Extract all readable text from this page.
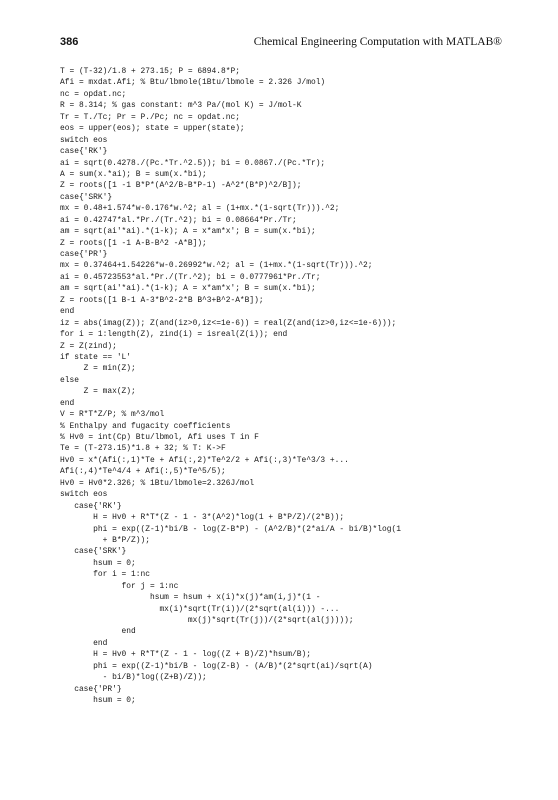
386	Chemical Engineering Computation with MATLAB®
T = (T-32)/1.8 + 273.15; P = 6894.8*P;
Afi = mxdat.Afi; % Btu/lbmole(1Btu/lbmole = 2.326 J/mol)
nc = opdat.nc;
R = 8.314; % gas constant: m^3 Pa/(mol K) = J/mol-K
Tr = T./Tc; Pr = P./Pc; nc = opdat.nc;
eos = upper(eos); state = upper(state);
switch eos
case{'RK'}
ai = sqrt(0.4278./(Pc.*Tr.^2.5)); bi = 0.0867./(Pc.*Tr);
A = sum(x.*ai); B = sum(x.*bi);
Z = roots([1 -1 B*P*(A^2/B-B*P-1) -A^2*(B*P)^2/B]);
case{'SRK'}
mx = 0.48+1.574*w-0.176*w.^2; al = (1+mx.*(1-sqrt(Tr))).^2;
ai = 0.42747*al.*Pr./(Tr.^2); bi = 0.08664*Pr./Tr;
am = sqrt(ai'*ai).*(1-k); A = x*am*x'; B = sum(x.*bi);
Z = roots([1 -1 A-B-B^2 -A*B]);
case{'PR'}
mx = 0.37464+1.54226*w-0.26992*w.^2; al = (1+mx.*(1-sqrt(Tr))).^2;
ai = 0.45723553*al.*Pr./(Tr.^2); bi = 0.0777961*Pr./Tr;
am = sqrt(ai'*ai).*(1-k); A = x*am*x'; B = sum(x.*bi);
Z = roots([1 B-1 A-3*B^2-2*B B^3+B^2-A*B]);
end
iz = abs(imag(Z)); Z(and(iz>0,iz<=1e-6)) = real(Z(and(iz>0,iz<=1e-6)));
for i = 1:length(Z), zind(i) = isreal(Z(i)); end
Z = Z(zind);
if state == 'L'
Z = min(Z);
else
Z = max(Z);
end
V = R*T*Z/P; % m^3/mol
% Enthalpy and fugacity coefficients
% Hv0 = int(Cp) Btu/lbmol, Afi uses T in F
Te = (T-273.15)*1.8 + 32; % T: K->F
Hv0 = x*(Afi(:,1)*Te + Afi(:,2)*Te^2/2 + Afi(:,3)*Te^3/3 +...
Afi(:,4)*Te^4/4 + Afi(:,5)*Te^5/5);
Hv0 = Hv0*2.326; % 1Btu/lbmole=2.326J/mol
switch eos
case{'RK'}
H = Hv0 + R*T*(Z - 1 - 3*(A^2)*log(1 + B*P/Z)/(2*B));
phi = exp((Z-1)*bi/B - log(Z-B*P) - (A^2/B)*(2*ai/A - bi/B)*log(1
+ B*P/Z));
case{'SRK'}
hsum = 0;
for i = 1:nc
for j = 1:nc
hsum = hsum + x(i)*x(j)*am(i,j)*(1 -
mx(i)*sqrt(Tr(i))/(2*sqrt(al(i))) -...
mx(j)*sqrt(Tr(j))/(2*sqrt(al(j))));
end
end
H = Hv0 + R*T*(Z - 1 - log((Z + B)/Z)*hsum/B);
phi = exp((Z-1)*bi/B - log(Z-B) - (A/B)*(2*sqrt(ai)/sqrt(A)
- bi/B)*log((Z+B)/Z));
case{'PR'}
hsum = 0;
